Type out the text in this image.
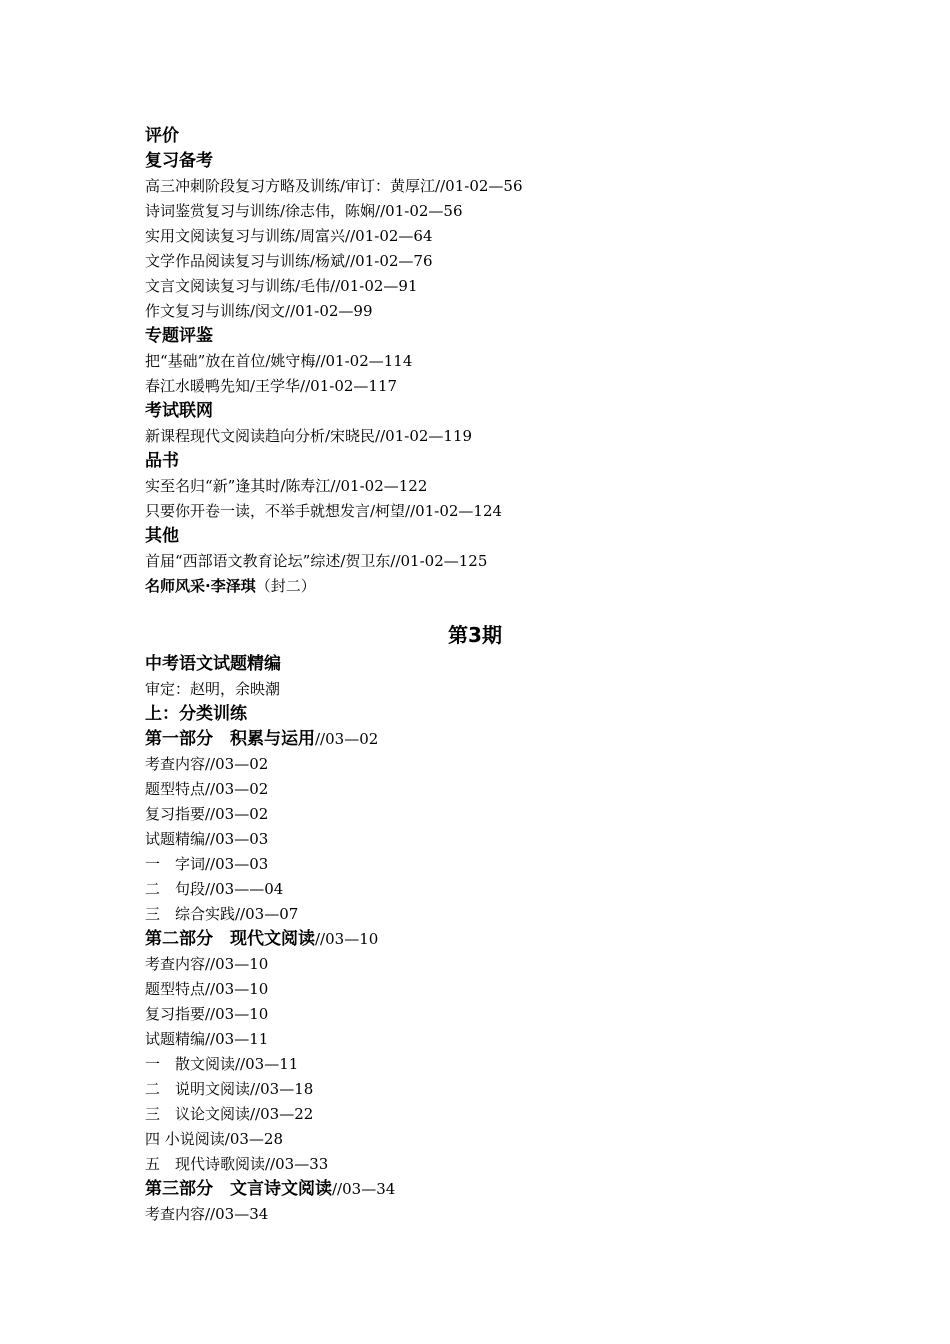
评价
复习备考
高三冲刺阶段复习方略及训练/审订：黄厚江//01-02—56
诗词鉴赏复习与训练/徐志伟，陈娴//01-02—56
实用文阅读复习与训练/周富兴//01-02—64
文学作品阅读复习与训练/杨斌//01-02—76
文言文阅读复习与训练/毛伟//01-02—91
作文复习与训练/闵文//01-02—99
专题评鉴
把“基础”放在首位/姚守梅//01-02—114
春江水暖鸭先知/王学华//01-02—117
考试联网
新课程现代文阅读趋向分析/宋晓民//01-02—119
品书
实至名归“新”逢其时/陈寿江//01-02—122
只要你开卷一读，不举手就想发言/柯望//01-02—124
其他
首届“西部语文教育论坛”综述/贺卫东//01-02—125
名师风采·李泽琪（封二）
第3期
中考语文试题精编
审定：赵明，余映潮
上：分类训练
第一部分　积累与运用//03—02
考查内容//03—02
题型特点//03—02
复习指要//03—02
试题精编//03—03
一　字词//03—03
二　句段//03——04
三　综合实践//03—07
第二部分　现代文阅读//03—10
考查内容//03—10
题型特点//03—10
复习指要//03—10
试题精编//03—11
一　散文阅读//03—11
二　说明文阅读//03—18
三　议论文阅读//03—22
四 小说阅读/03—28
五　现代诗歌阅读//03—33
第三部分　文言诗文阅读//03—34
考查内容//03—34
